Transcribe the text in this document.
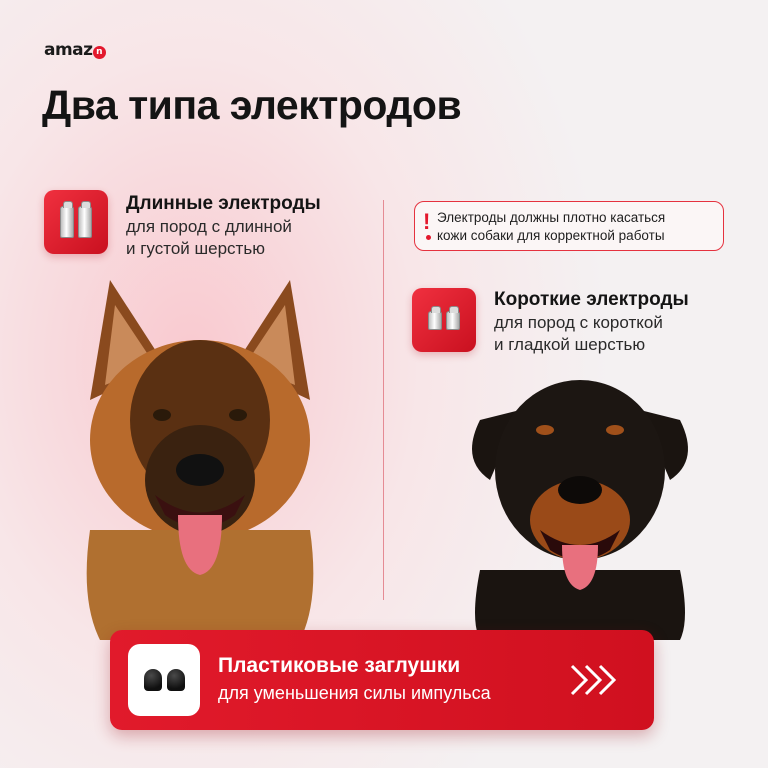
amaz n
Два типа электродов
Длинные электроды
для пород с длинной
и густой шерстью
! Электроды должны плотно касаться
кожи собаки для корректной работы
Короткие электроды
для пород с короткой
и гладкой шерстью
Пластиковые заглушки
для уменьшения силы импульса
